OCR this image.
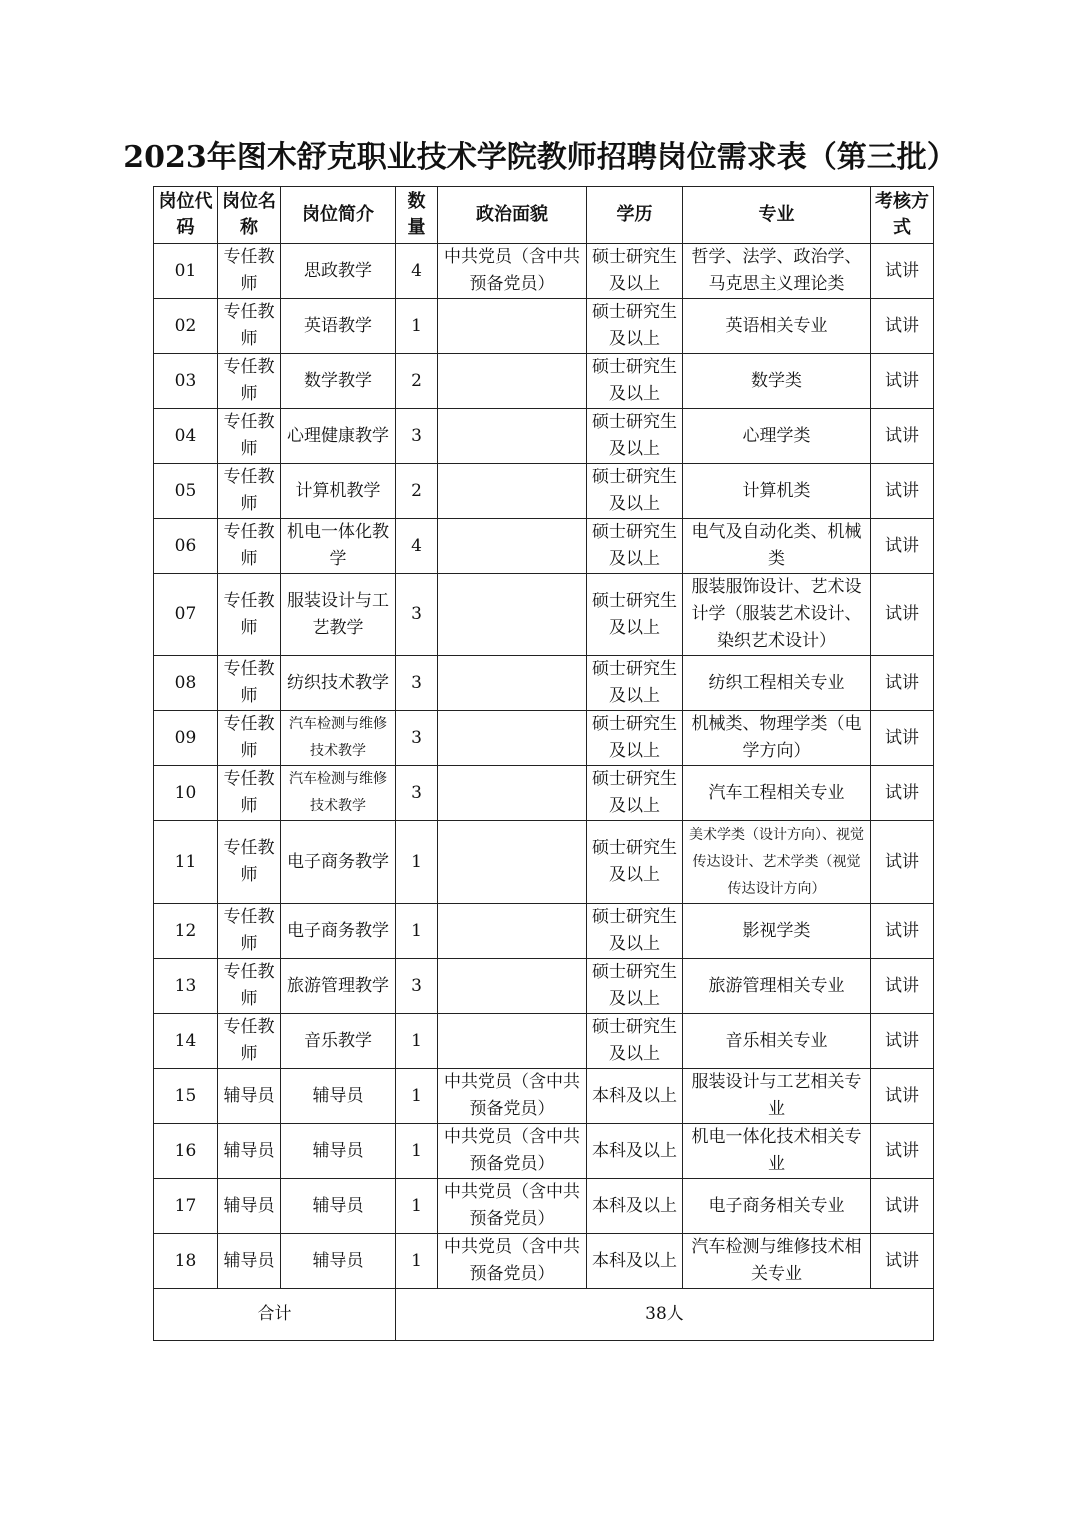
2023年图木舒克职业技术学院教师招聘岗位需求表（第三批）
岗位代码	岗位名称	岗位简介	数量	政治面貌	学历	专业	考核方式
01	专任教师	思政教学	4	中共党员（含中共预备党员）	硕士研究生及以上	哲学、法学、政治学、马克思主义理论类	试讲
02	专任教师	英语教学	1		硕士研究生及以上	英语相关专业	试讲
03	专任教师	数学教学	2		硕士研究生及以上	数学类	试讲
04	专任教师	心理健康教学	3		硕士研究生及以上	心理学类	试讲
05	专任教师	计算机教学	2		硕士研究生及以上	计算机类	试讲
06	专任教师	机电一体化教学	4		硕士研究生及以上	电气及自动化类、机械类	试讲
07	专任教师	服装设计与工艺教学	3		硕士研究生及以上	服装服饰设计、艺术设计学（服装艺术设计、染织艺术设计）	试讲
08	专任教师	纺织技术教学	3		硕士研究生及以上	纺织工程相关专业	试讲
09	专任教师	汽车检测与维修技术教学	3		硕士研究生及以上	机械类、物理学类（电学方向）	试讲
10	专任教师	汽车检测与维修技术教学	3		硕士研究生及以上	汽车工程相关专业	试讲
11	专任教师	电子商务教学	1		硕士研究生及以上	美术学类（设计方向）、视觉传达设计、艺术学类（视觉传达设计方向）	试讲
12	专任教师	电子商务教学	1		硕士研究生及以上	影视学类	试讲
13	专任教师	旅游管理教学	3		硕士研究生及以上	旅游管理相关专业	试讲
14	专任教师	音乐教学	1		硕士研究生及以上	音乐相关专业	试讲
15	辅导员	辅导员	1	中共党员（含中共预备党员）	本科及以上	服装设计与工艺相关专业	试讲
16	辅导员	辅导员	1	中共党员（含中共预备党员）	本科及以上	机电一体化技术相关专业	试讲
17	辅导员	辅导员	1	中共党员（含中共预备党员）	本科及以上	电子商务相关专业	试讲
18	辅导员	辅导员	1	中共党员（含中共预备党员）	本科及以上	汽车检测与维修技术相关专业	试讲
合计			38人				
